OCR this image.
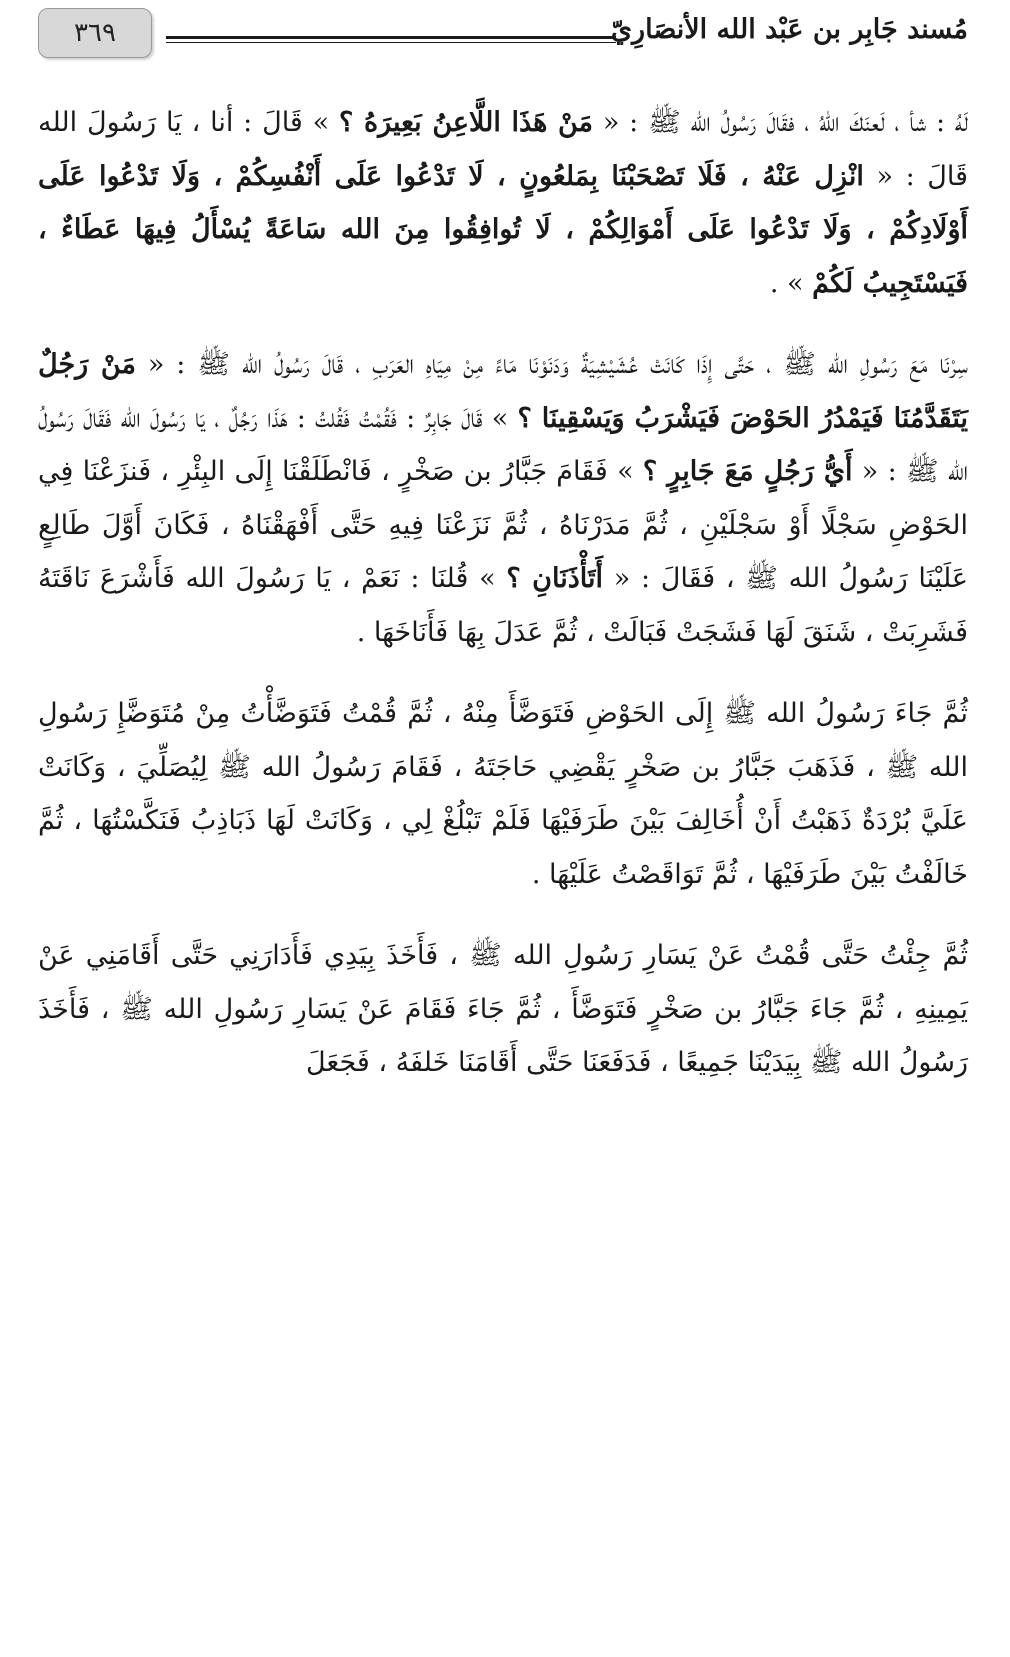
٣٦٩	مُسند جَابِر بن عَبْد الله الأنصَارِيّ

لَهُ : شأ ، لَعنَكَ اللهُ ، فقَالَ رَسُولُ الله ﷺ : « مَنْ هَذَا اللَّاعِنُ بَعِيرَهُ ؟ » قَالَ : أنا ، يَا رَسُولَ الله قَالَ : « انْزِل عَنْهُ ، فَلَا تَصْحَبْنَا بِمَلعُونٍ ، لَا تَدْعُوا عَلَى أَنْفُسِكُمْ ، وَلَا تَدْعُوا عَلَى أَوْلَادِكُمْ ، وَلَا تَدْعُوا عَلَى أَمْوَالِكُمْ ، لَا تُوافِقُوا مِنَ الله سَاعَةً يُسْأَلُ فِيهَا عَطَاءٌ ، فَيَسْتَجِيبُ لَكُمْ » .

سِرْنَا مَعَ رَسُولِ الله ﷺ ، حَتَّى إِذَا كَانَتْ عُشَيْشِيَةٌ وَدَنَوْنَا مَاءً مِنْ مِيَاهِ العَرَبِ ، قَالَ رَسُولُ الله ﷺ : « مَنْ رَجُلٌ يَتَقَدَّمُنَا فَيَمْدُرُ الحَوْضَ فَيَشْرَبُ وَيَسْقِينَا ؟ » قَالَ جَابِرٌ : فَقُمْتُ فَقُلتُ : هَذَا رَجُلٌ ، يَا رَسُولَ الله فَقَالَ رَسُولُ الله ﷺ : « أَيُّ رَجُلٍ مَعَ جَابِرٍ ؟ » فَقَامَ جَبَّارُ بن صَخْرٍ ، فَانْطَلَقْنَا إِلَى البِئْرِ ، فَنزَعْنَا فِي الحَوْضِ سَجْلًا أَوْ سَجْلَيْنِ ، ثُمَّ مَدَرْنَاهُ ، ثُمَّ نَزَعْنَا فِيهِ حَتَّى أَفْهَقْنَاهُ ، فَكَانَ أَوَّلَ طَالِعٍ عَلَيْنَا رَسُولُ الله ﷺ ، فَقَالَ : « أَتَأْذَنَانِ ؟ » قُلنَا : نَعَمْ ، يَا رَسُولَ الله فَأَشْرَعَ نَاقَتَهُ فَشَرِبَتْ ، شَنَقَ لَهَا فَشَجَتْ فَبَالَتْ ، ثُمَّ عَدَلَ بِهَا فَأَنَاخَهَا .

ثُمَّ جَاءَ رَسُولُ الله ﷺ إِلَى الحَوْضِ فَتَوَضَّأَ مِنْهُ ، ثُمَّ قُمْتُ فَتَوَضَّأْتُ مِنْ مُتَوَضَّإِ رَسُولِ الله ﷺ ، فَذَهَبَ جَبَّارُ بن صَخْرٍ يَقْضِي حَاجَتَهُ ، فَقَامَ رَسُولُ الله ﷺ لِيُصَلِّيَ ، وَكَانَتْ عَلَيَّ بُرْدَةٌ ذَهَبْتُ أَنْ أُخَالِفَ بَيْنَ طَرَفَيْهَا فَلَمْ تَبْلُغْ لِي ، وَكَانَتْ لَهَا ذَبَاذِبُ فَنَكَّسْتُهَا ، ثُمَّ خَالَفْتُ بَيْنَ طَرَفَيْهَا ، ثُمَّ تَوَاقَصْتُ عَلَيْهَا .

ثُمَّ جِئْتُ حَتَّى قُمْتُ عَنْ يَسَارِ رَسُولِ الله ﷺ ، فَأَخَذَ بِيَدِي فَأَدَارَنِي حَتَّى أَقَامَنِي عَنْ يَمِينِهِ ، ثُمَّ جَاءَ جَبَّارُ بن صَخْرٍ فَتَوَضَّأَ ، ثُمَّ جَاءَ فَقَامَ عَنْ يَسَارِ رَسُولِ الله ﷺ ، فَأَخَذَ رَسُولُ الله ﷺ بِيَدَيْنَا جَمِيعًا ، فَدَفَعَنَا حَتَّى أَقَامَنَا خَلفَهُ ، فَجَعَلَ
